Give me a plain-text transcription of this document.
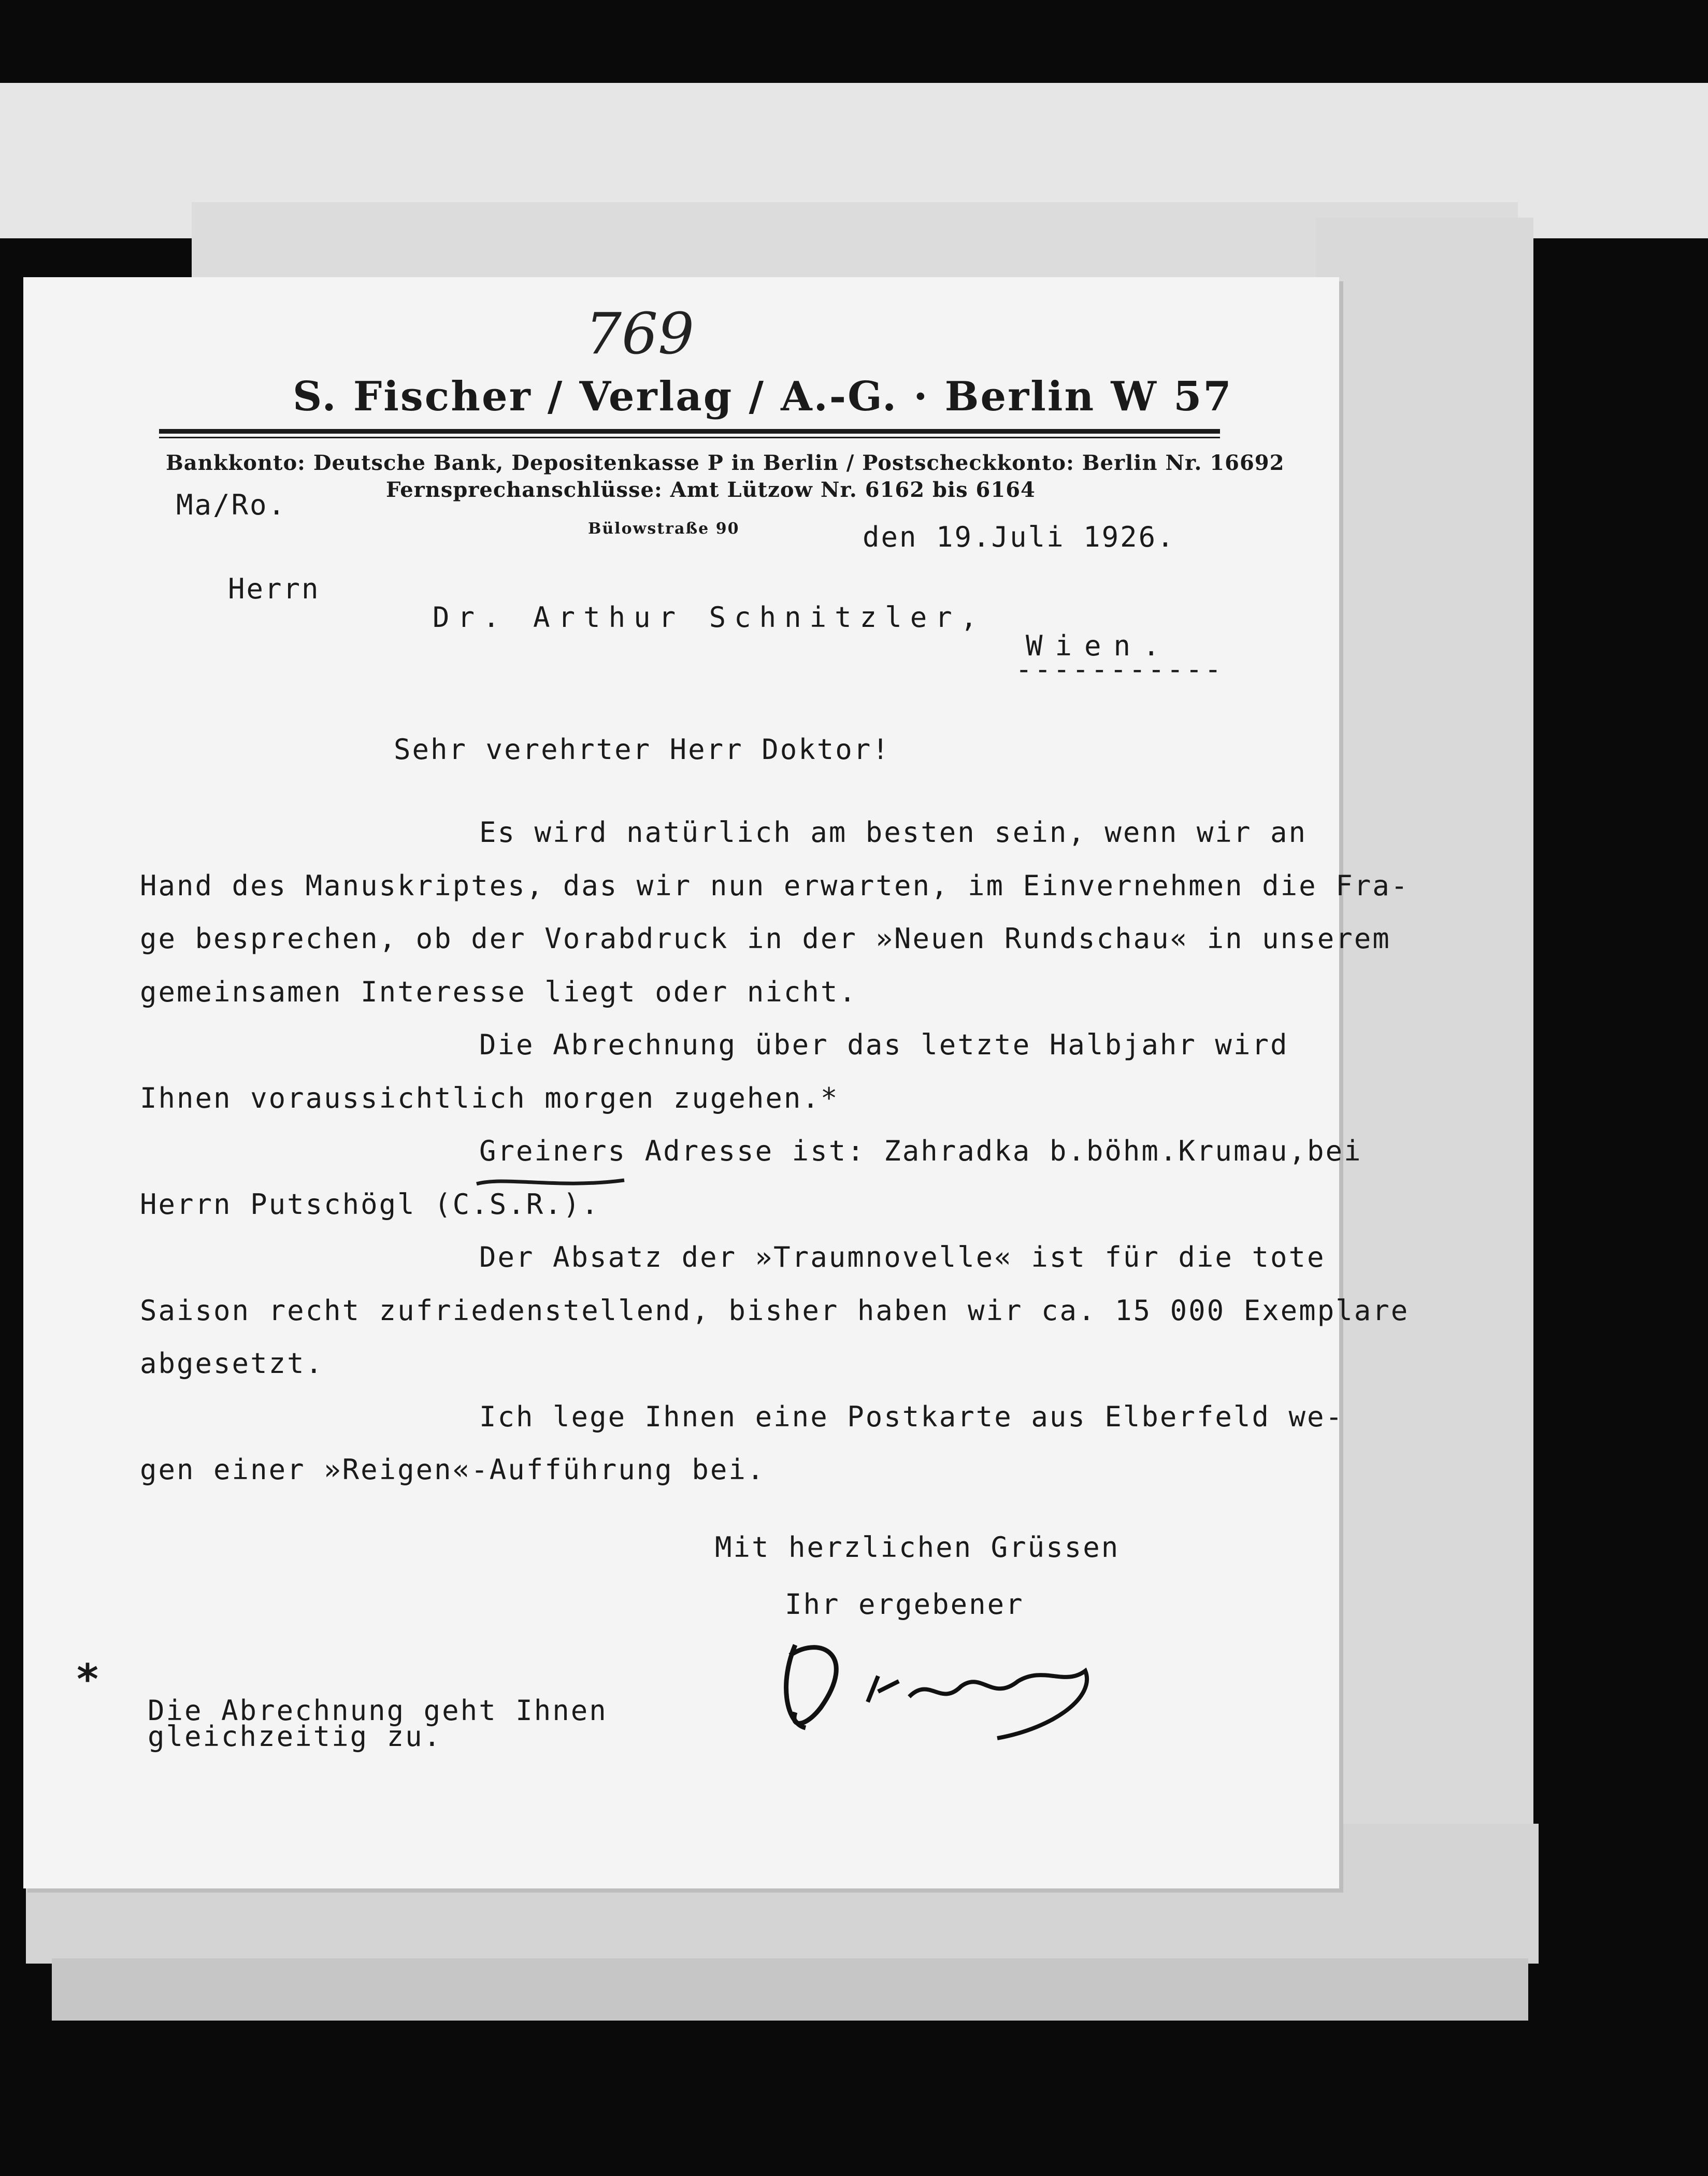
769
S. Fischer / Verlag / A.-G. · Berlin W 57
Bankkonto: Deutsche Bank, Depositenkasse P in Berlin / Postscheckkonto: Berlin Nr. 16692
Fernsprechanschlüsse: Amt Lützow Nr. 6162 bis 6164
Bülowstraße 90
Ma/Ro.
den 19.Juli 1926.
Herrn
Dr. Arthur Schnitzler,
Wien.
-----------
Sehr verehrter Herr Doktor!
Es wird natürlich am besten sein, wenn wir an
Hand des Manuskriptes, das wir nun erwarten, im Einvernehmen die Fra-
ge besprechen, ob der Vorabdruck in der »Neuen Rundschau« in unserem
gemeinsamen Interesse liegt oder nicht.
Die Abrechnung über das letzte Halbjahr wird
Ihnen voraussichtlich morgen zugehen.*
Greiners Adresse ist: Zahradka b.böhm.Krumau,bei
Herrn Putschögl (C.S.R.).
Der Absatz der »Traumnovelle« ist für die tote
Saison recht zufriedenstellend, bisher haben wir ca. 15 000 Exemplare
abgesetzt.
Ich lege Ihnen eine Postkarte aus Elberfeld we-
gen einer »Reigen«-Aufführung bei.
Mit herzlichen Grüssen
Ihr ergebener
D. Kunert
*
Die Abrechnung geht Ihnen
gleichzeitig zu.
